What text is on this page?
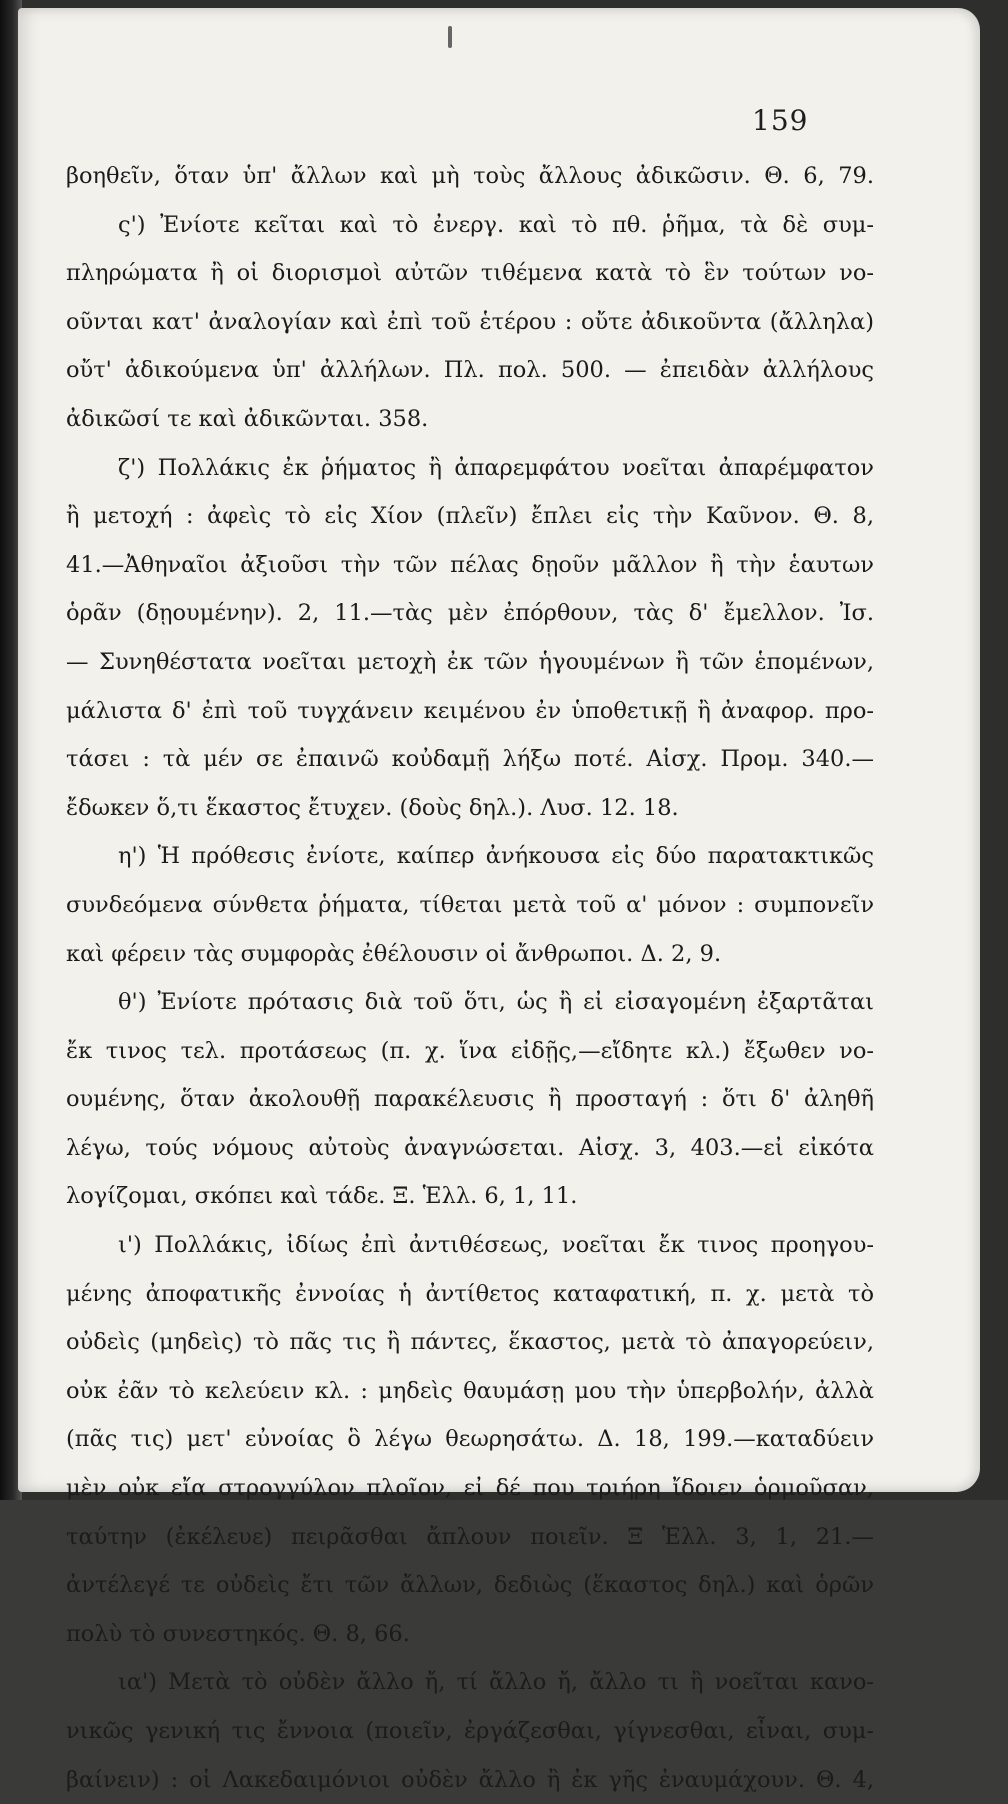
159
βοηθεῖν, ὅταν ὑπ' ἄλλων καὶ μὴ τοὺς ἄλλους ἀδικῶσιν. Θ. 6, 79.
ς') Ἐνίοτε κεῖται καὶ τὸ ἐνεργ. καὶ τὸ πθ. ῥῆμα, τὰ δὲ συμ-
πληρώματα ἢ οἱ διορισμοὶ αὐτῶν τιθέμενα κατὰ τὸ ἓν τούτων νο-
οῦνται κατ' ἀναλογίαν καὶ ἐπὶ τοῦ ἑτέρου : οὔτε ἀδικοῦντα (ἄλληλα)
οὔτ' ἀδικούμενα ὑπ' ἀλλήλων. Πλ. πολ. 500. — ἐπειδὰν ἀλλήλους
ἀδικῶσί τε καὶ ἀδικῶνται. 358.
ζ') Πολλάκις ἐκ ῥήματος ἢ ἀπαρεμφάτου νοεῖται ἀπαρέμφατον
ἢ μετοχή : ἀφεὶς τὸ εἰς Χίον (πλεῖν) ἔπλει εἰς τὴν Καῦνον. Θ. 8,
41.—Ἀθηναῖοι ἀξιοῦσι τὴν τῶν πέλας δῃοῦν μᾶλλον ἢ τὴν ἑαυτων
ὁρᾶν (δῃουμένην). 2, 11.—τὰς μὲν ἐπόρθουν, τὰς δ' ἔμελλον. Ἰσ.
— Συνηθέστατα νοεῖται μετοχὴ ἐκ τῶν ἡγουμένων ἢ τῶν ἑπομένων,
μάλιστα δ' ἐπὶ τοῦ τυγχάνειν κειμένου ἐν ὑποθετικῇ ἢ ἀναφορ. προ-
τάσει : τὰ μέν σε ἐπαινῶ κοὐδαμῇ λήξω ποτέ. Αἰσχ. Προμ. 340.—
ἔδωκεν ὅ,τι ἕκαστος ἔτυχεν. (δοὺς δηλ.). Λυσ. 12. 18.
η') Ἡ πρόθεσις ἐνίοτε, καίπερ ἀνήκουσα εἰς δύο παρατακτικῶς
συνδεόμενα σύνθετα ῥήματα, τίθεται μετὰ τοῦ α' μόνον : συμπονεῖν
καὶ φέρειν τὰς συμφορὰς ἐθέλουσιν οἱ ἄνθρωποι. Δ. 2, 9.
θ') Ἐνίοτε πρότασις διὰ τοῦ ὅτι, ὡς ἢ εἰ εἰσαγομένη ἐξαρτᾶται
ἔκ τινος τελ. προτάσεως (π. χ. ἵνα εἰδῇς,—εἴδητε κλ.) ἔξωθεν νο-
ουμένης, ὅταν ἀκολουθῇ παρακέλευσις ἢ προσταγή : ὅτι δ' ἀληθῆ
λέγω, τούς νόμους αὐτοὺς ἀναγνώσεται. Αἰσχ. 3, 403.—εἰ εἰκότα
λογίζομαι, σκόπει καὶ τάδε. Ξ. Ἑλλ. 6, 1, 11.
ι') Πολλάκις, ἰδίως ἐπὶ ἀντιθέσεως, νοεῖται ἔκ τινος προηγου-
μένης ἀποφατικῆς ἐννοίας ἡ ἀντίθετος καταφατική, π. χ. μετὰ τὸ
οὐδεὶς (μηδεὶς) τὸ πᾶς τις ἢ πάντες, ἕκαστος, μετὰ τὸ ἀπαγορεύειν,
οὐκ ἐᾶν τὸ κελεύειν κλ. : μηδεὶς θαυμάσῃ μου τὴν ὑπερβολήν, ἀλλὰ
(πᾶς τις) μετ' εὐνοίας ὃ λέγω θεωρησάτω. Δ. 18, 199.—καταδύειν
μὲν οὐκ εἴα στρογγύλον πλοῖον, εἰ δέ που τριήρη ἴδοιεν ὁρμοῦσαν,
ταύτην (ἐκέλευε) πειρᾶσθαι ἄπλουν ποιεῖν. Ξ Ἑλλ. 3, 1, 21.—
ἀντέλεγέ τε οὐδεὶς ἔτι τῶν ἄλλων, δεδιὼς (ἕκαστος δηλ.) καὶ ὁρῶν
πολὺ τὸ συνεστηκός. Θ. 8, 66.
ια') Μετὰ τὸ οὐδὲν ἄλλο ἤ, τί ἄλλο ἤ, ἄλλο τι ἢ νοεῖται κανο-
νικῶς γενική τις ἔννοια (ποιεῖν, ἐργάζεσθαι, γίγνεσθαι, εἶναι, συμ-
βαίνειν) : οἱ Λακεδαιμόνιοι οὐδὲν ἄλλο ἢ ἐκ γῆς ἐναυμάχουν. Θ. 4,
